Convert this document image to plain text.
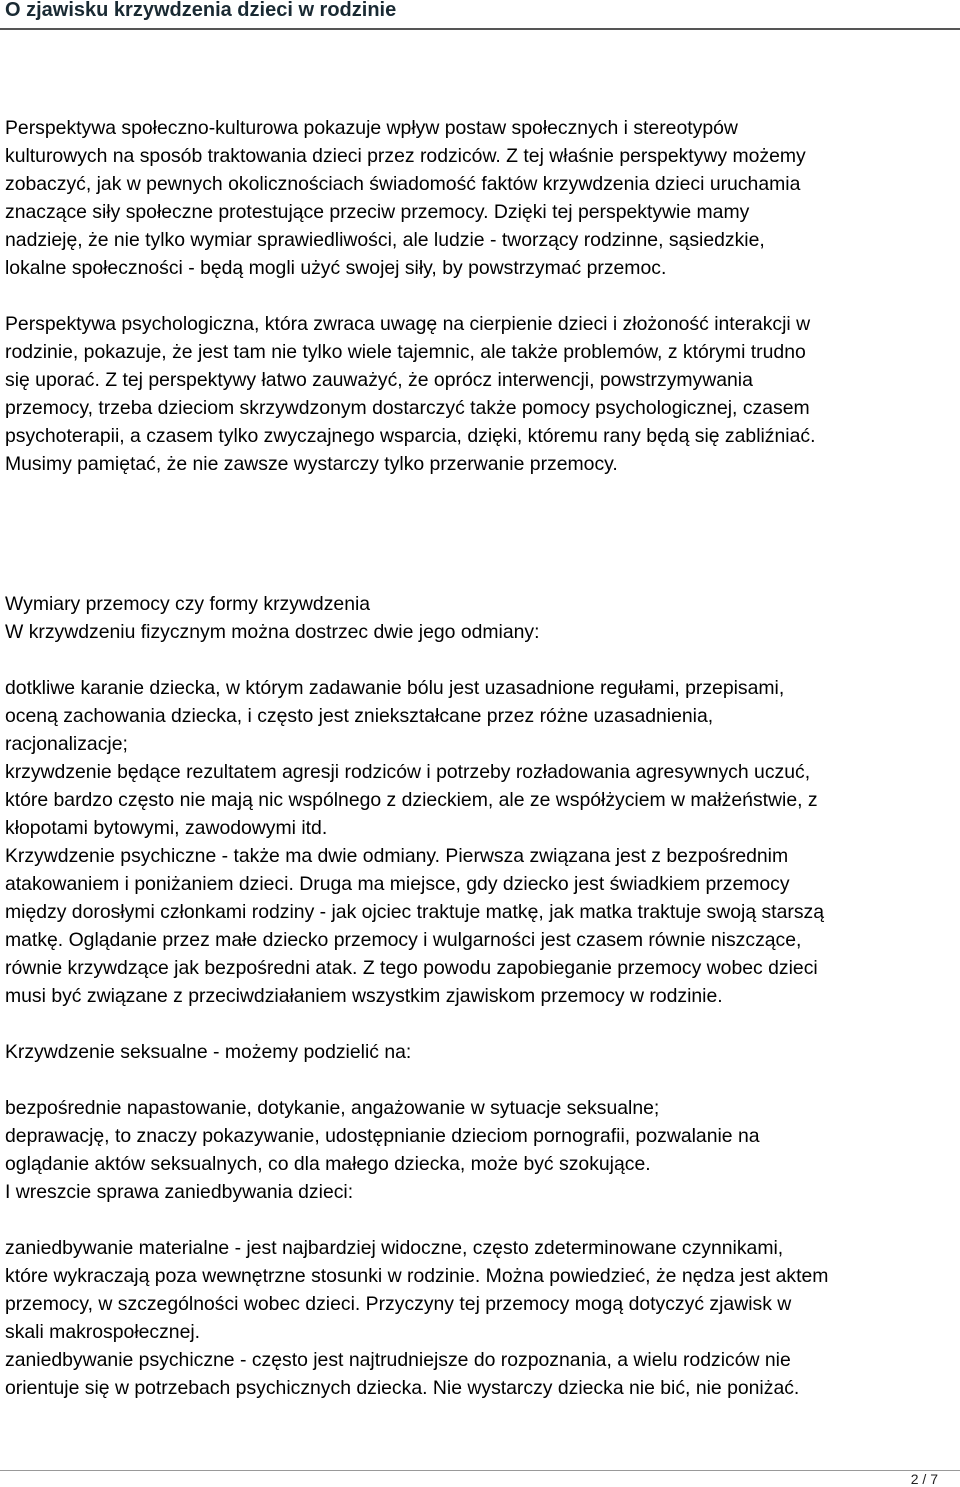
O zjawisku krzywdzenia dzieci w rodzinie
Perspektywa społeczno-kulturowa pokazuje wpływ postaw społecznych i stereotypów
kulturowych na sposób traktowania dzieci przez rodziców. Z tej właśnie perspektywy możemy
zobaczyć, jak w pewnych okolicznościach świadomość faktów krzywdzenia dzieci uruchamia
znaczące siły społeczne protestujące przeciw przemocy. Dzięki tej perspektywie mamy
nadzieję, że nie tylko wymiar sprawiedliwości, ale ludzie - tworzący rodzinne, sąsiedzkie,
lokalne społeczności - będą mogli użyć swojej siły, by powstrzymać przemoc.
Perspektywa psychologiczna, która zwraca uwagę na cierpienie dzieci i złożoność interakcji w
rodzinie, pokazuje, że jest tam nie tylko wiele tajemnic, ale także problemów, z którymi trudno
się uporać. Z tej perspektywy łatwo zauważyć, że oprócz interwencji, powstrzymywania
przemocy, trzeba dzieciom skrzywdzonym dostarczyć także pomocy psychologicznej, czasem
psychoterapii, a czasem tylko zwyczajnego wsparcia, dzięki, któremu rany będą się zabliźniać.
Musimy pamiętać, że nie zawsze wystarczy tylko przerwanie przemocy.
Wymiary przemocy czy formy krzywdzenia
W krzywdzeniu fizycznym można dostrzec dwie jego odmiany:
dotkliwe karanie dziecka, w którym zadawanie bólu jest uzasadnione regułami, przepisami,
oceną zachowania dziecka, i często jest zniekształcane przez różne uzasadnienia,
racjonalizacje;
krzywdzenie będące rezultatem agresji rodziców i potrzeby rozładowania agresywnych uczuć,
które bardzo często nie mają nic wspólnego z dzieckiem, ale ze współżyciem w małżeństwie, z
kłopotami bytowymi, zawodowymi itd.
Krzywdzenie psychiczne - także ma dwie odmiany. Pierwsza związana jest z bezpośrednim
atakowaniem i poniżaniem dzieci. Druga ma miejsce, gdy dziecko jest świadkiem przemocy
między dorosłymi członkami rodziny - jak ojciec traktuje matkę, jak matka traktuje swoją starszą
matkę. Oglądanie przez małe dziecko przemocy i wulgarności jest czasem równie niszczące,
równie krzywdzące jak bezpośredni atak. Z tego powodu zapobieganie przemocy wobec dzieci
musi być związane z przeciwdziałaniem wszystkim zjawiskom przemocy w rodzinie.
Krzywdzenie seksualne - możemy podzielić na:
bezpośrednie napastowanie, dotykanie, angażowanie w sytuacje seksualne;
deprawację, to znaczy pokazywanie, udostępnianie dzieciom pornografii, pozwalanie na
oglądanie aktów seksualnych, co dla małego dziecka, może być szokujące.
I wreszcie sprawa zaniedbywania dzieci:
zaniedbywanie materialne - jest najbardziej widoczne, często zdeterminowane czynnikami,
które wykraczają poza wewnętrzne stosunki w rodzinie. Można powiedzieć, że nędza jest aktem
przemocy, w szczególności wobec dzieci. Przyczyny tej przemocy mogą dotyczyć zjawisk w
skali makrospołecznej.
zaniedbywanie psychiczne - często jest najtrudniejsze do rozpoznania, a wielu rodziców nie
orientuje się w potrzebach psychicznych dziecka. Nie wystarczy dziecka nie bić, nie poniżać.
2 / 7
